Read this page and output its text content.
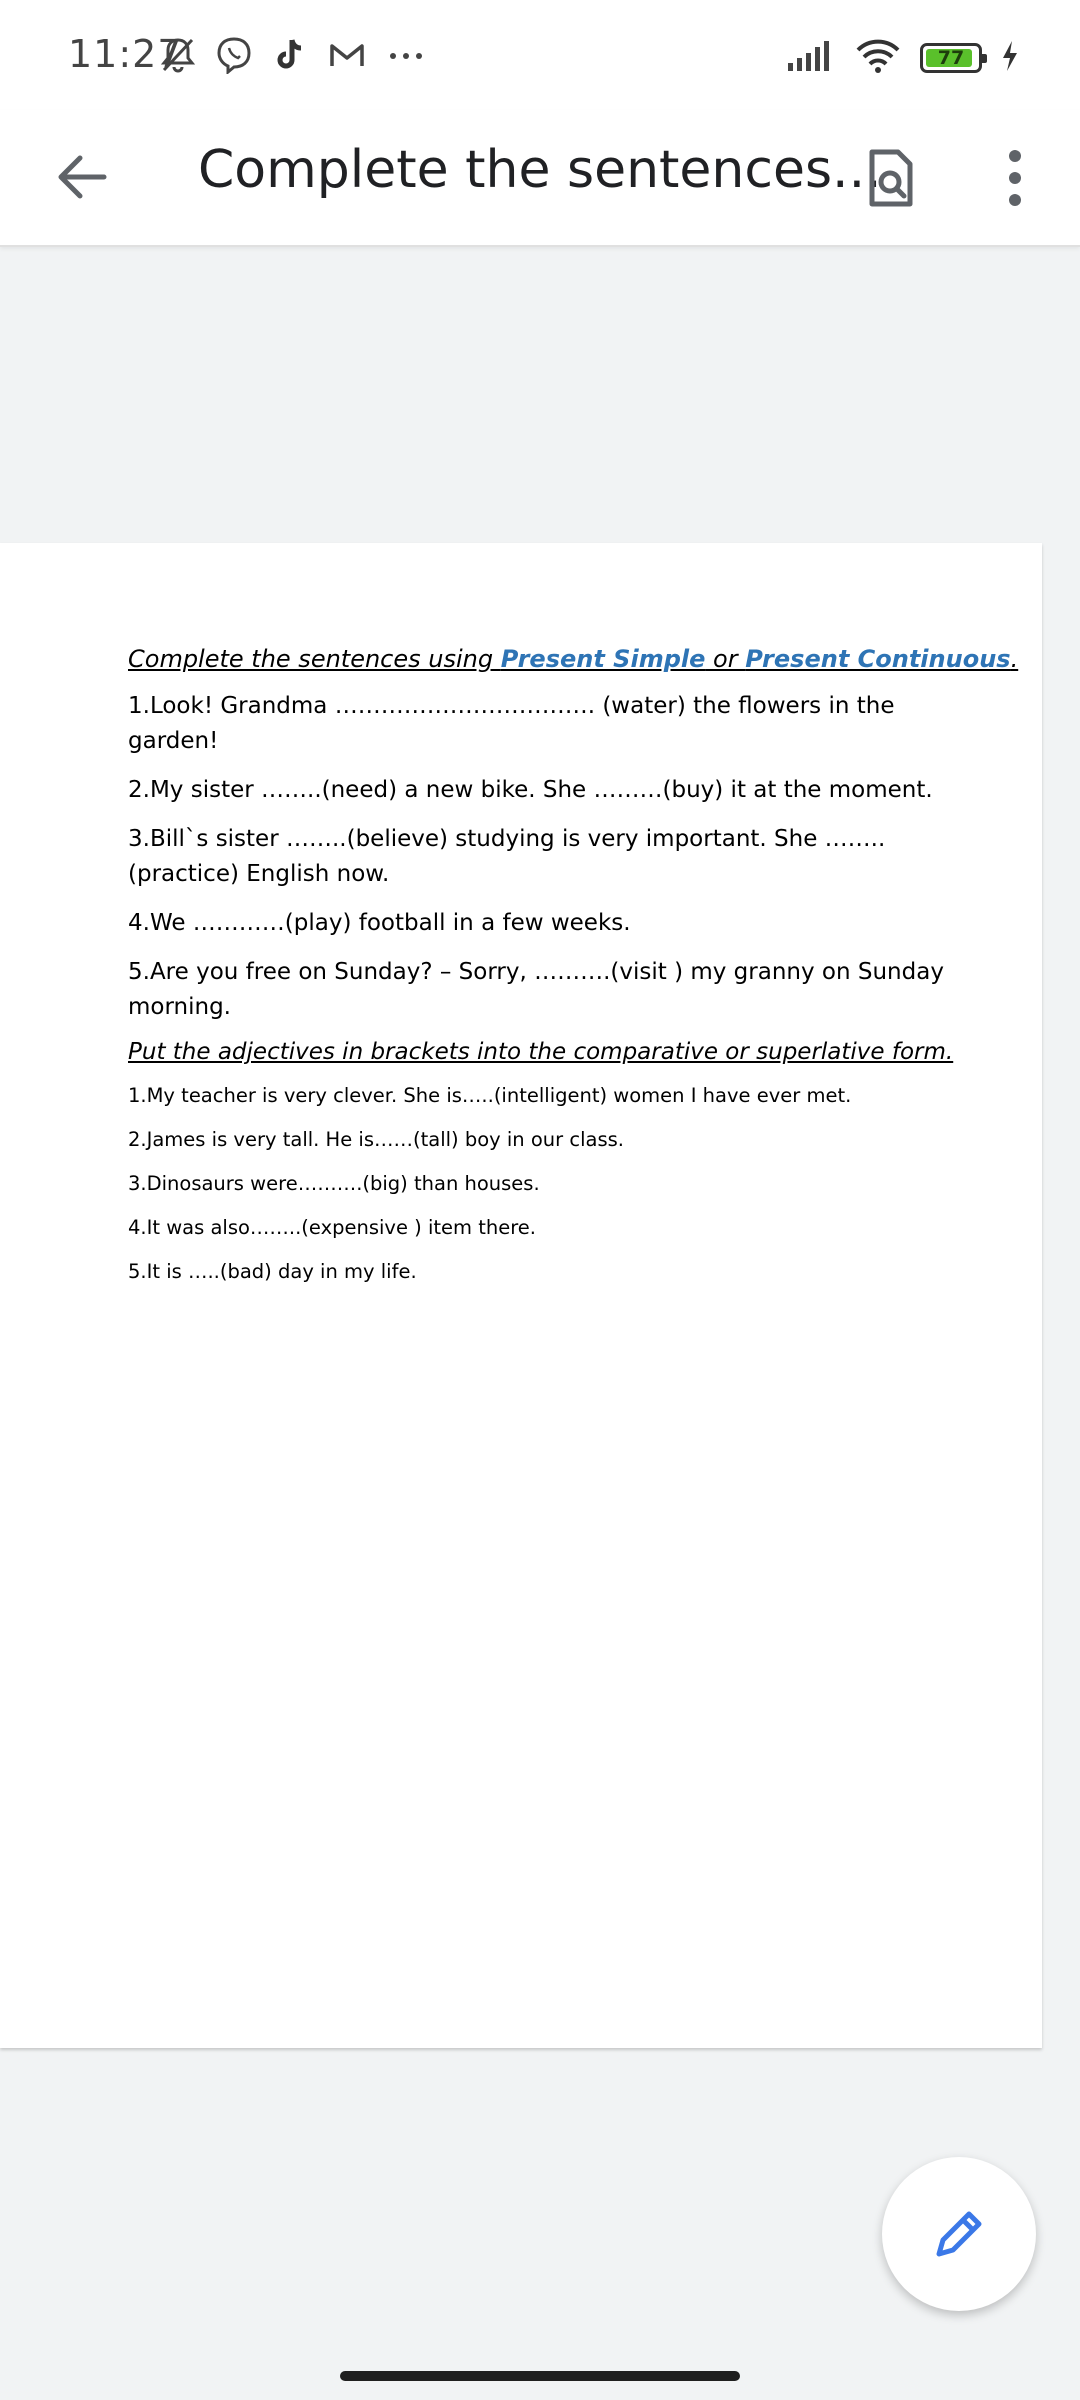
11:27	77
Complete the sentences...

Complete the sentences using Present Simple or Present Continuous.

1.Look! Grandma ……………………………. (water) the flowers in the garden!

2.My sister ……..(need) a new bike. She ………(buy) it at the moment.

3.Bill`s sister ……..(believe) studying is very important. She ……..(practice) English now.

4.We …………(play) football in a few weeks.

5.Are you free on Sunday? – Sorry, ……….(visit ) my granny on Sunday morning.

Put the adjectives in brackets into the comparative or superlative form.

1.My teacher is very clever. She is…..(intelligent) women I have ever met.

2.James is very tall. He is……(tall) boy in our class.

3.Dinosaurs were……….(big) than houses.

4.It was also……..(expensive ) item there.

5.It is …..(bad) day in my life.
